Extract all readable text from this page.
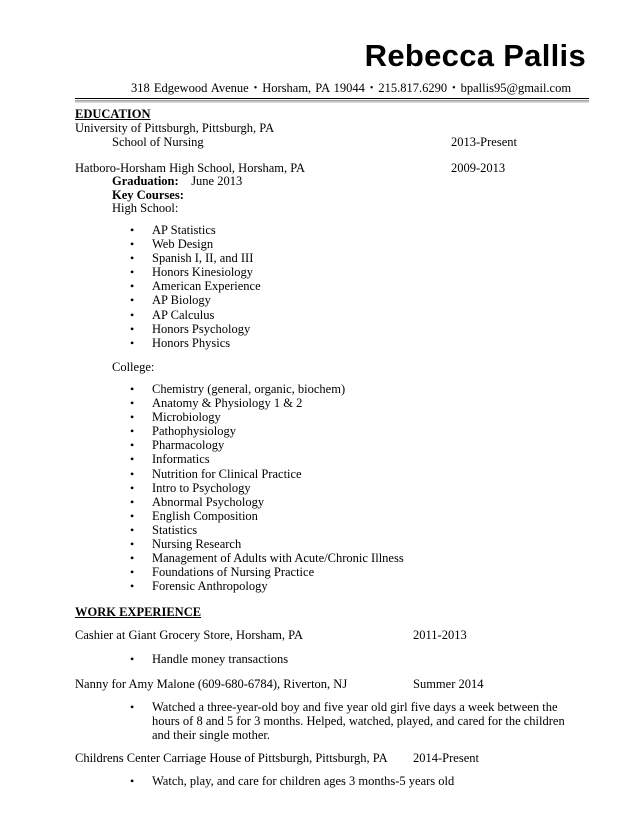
Rebecca Pallis
318 Edgewood Avenue • Horsham, PA 19044 • 215.817.6290 • bpallis95@gmail.com
EDUCATION
University of Pittsburgh, Pittsburgh, PA
School of Nursing	2013-Present
Hatboro-Horsham High School, Horsham, PA	2009-2013
Graduation: June 2013
Key Courses:
High School:
• AP Statistics
• Web Design
• Spanish I, II, and III
• Honors Kinesiology
• American Experience
• AP Biology
• AP Calculus
• Honors Psychology
• Honors Physics
College:
• Chemistry (general, organic, biochem)
• Anatomy & Physiology 1 & 2
• Microbiology
• Pathophysiology
• Pharmacology
• Informatics
• Nutrition for Clinical Practice
• Intro to Psychology
• Abnormal Psychology
• English Composition
• Statistics
• Nursing Research
• Management of Adults with Acute/Chronic Illness
• Foundations of Nursing Practice
• Forensic Anthropology
WORK EXPERIENCE
Cashier at Giant Grocery Store, Horsham, PA	2011-2013
• Handle money transactions
Nanny for Amy Malone (609-680-6784), Riverton, NJ	Summer 2014
• Watched a three-year-old boy and five year old girl five days a week between the hours of 8 and 5 for 3 months. Helped, watched, played, and cared for the children and their single mother.
Childrens Center Carriage House of Pittsburgh, Pittsburgh, PA 2014-Present
• Watch, play, and care for children ages 3 months-5 years old
